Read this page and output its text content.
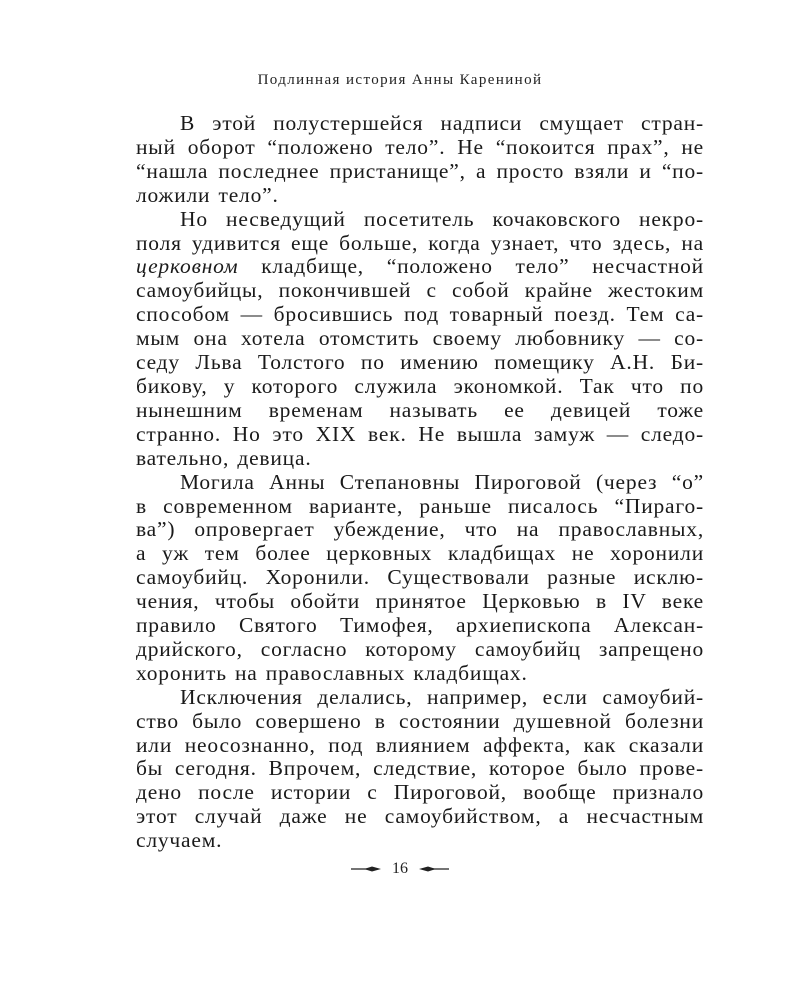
Подлинная история Анны Карениной

В этой полустершейся надписи смущает стран-
ный оборот “положено тело”. Не “покоится прах”, не
“нашла последнее пристанище”, а просто взяли и “по-
ложили тело”.

Но несведущий посетитель кочаковского некро-
поля удивится еще больше, когда узнает, что здесь, на
церковном кладбище, “положено тело” несчастной
самоубийцы, покончившей с собой крайне жестоким
способом — бросившись под товарный поезд. Тем са-
мым она хотела отомстить своему любовнику — со-
седу Льва Толстого по имению помещику А.Н. Би-
бикову, у которого служила экономкой. Так что по
нынешним временам называть ее девицей тоже
странно. Но это XIX век. Не вышла замуж — следо-
вательно, девица.

Могила Анны Степановны Пироговой (через “о”
в современном варианте, раньше писалось “Пираго-
ва”) опровергает убеждение, что на православных,
а уж тем более церковных кладбищах не хоронили
самоубийц. Хоронили. Существовали разные исклю-
чения, чтобы обойти принятое Церковью в IV веке
правило Святого Тимофея, архиепископа Алексан-
дрийского, согласно которому самоубийц запрещено
хоронить на православных кладбищах.

Исключения делались, например, если самоубий-
ство было совершено в состоянии душевной болезни
или неосознанно, под влиянием аффекта, как сказали
бы сегодня. Впрочем, следствие, которое было прове-
дено после истории с Пироговой, вообще признало
этот случай даже не самоубийством, а несчастным
случаем.

16
